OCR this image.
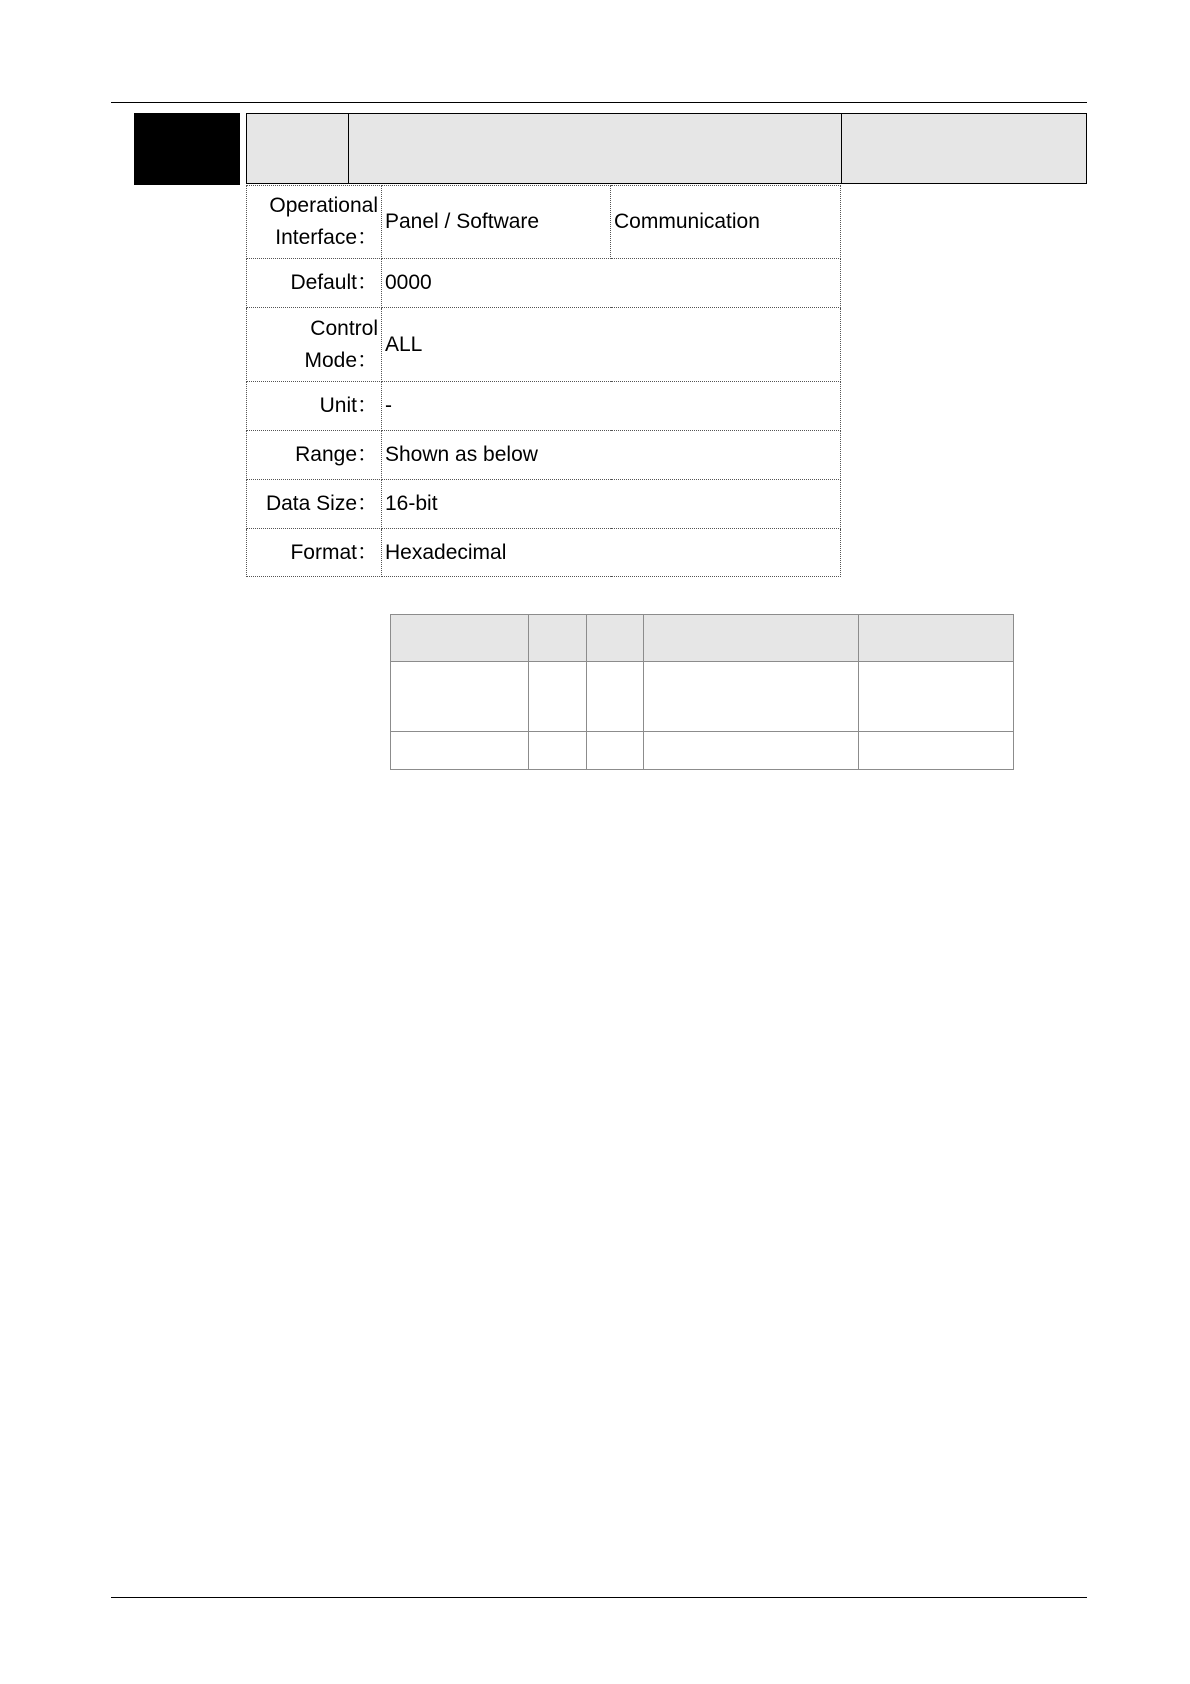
Operational
Interface：	Panel / Software	Communication
Default：	0000	

Control
Mode：	ALL	
Unit：	-	
Range：	Shown as below	
Data Size：	16-bit	
Format：	Hexadecimal	
